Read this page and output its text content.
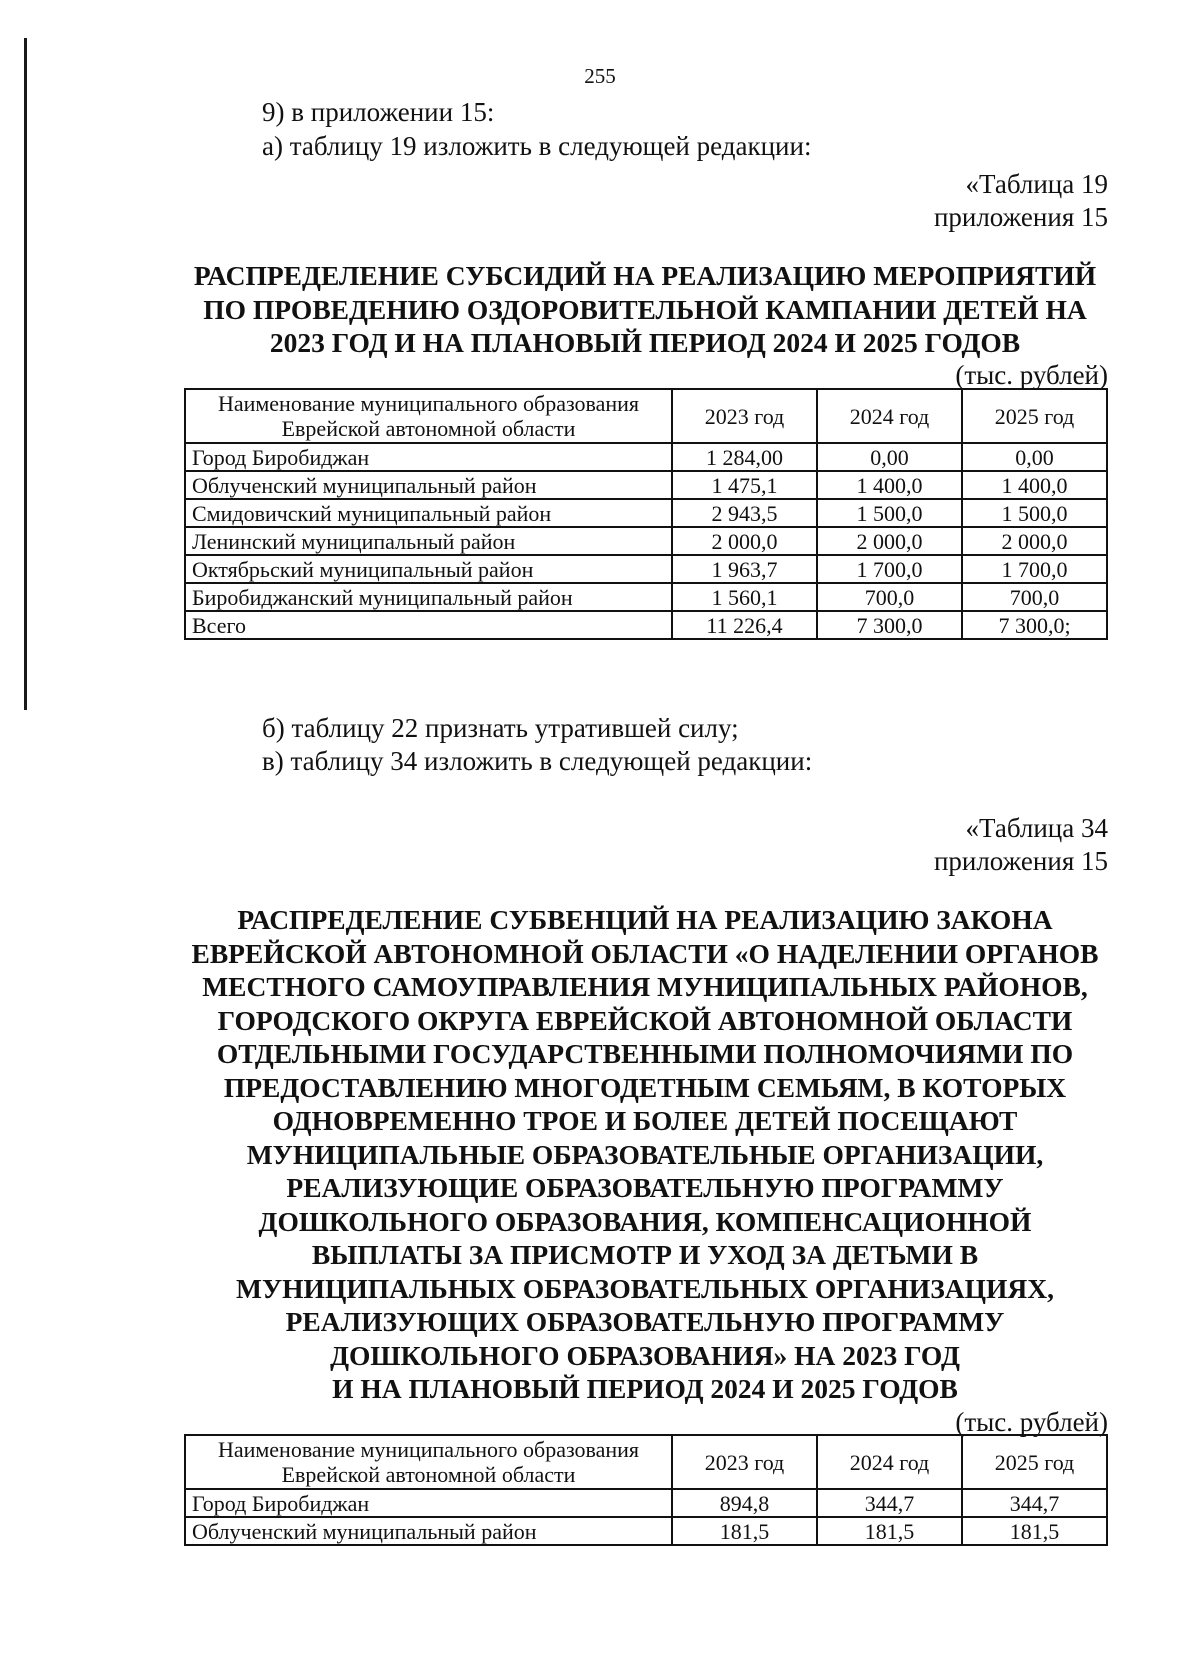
255
9) в приложении 15:
а) таблицу 19 изложить в следующей редакции:
«Таблица 19
приложения 15
РАСПРЕДЕЛЕНИЕ СУБСИДИЙ НА РЕАЛИЗАЦИЮ МЕРОПРИЯТИЙ
ПО ПРОВЕДЕНИЮ ОЗДОРОВИТЕЛЬНОЙ КАМПАНИИ ДЕТЕЙ НА
2023 ГОД И НА ПЛАНОВЫЙ ПЕРИОД 2024 И 2025 ГОДОВ
(тыс. рублей)
Наименование муниципального образования
Еврейской автономной области	2023 год	2024 год	2025 год
Город Биробиджан	1 284,00	0,00	0,00
Облученский муниципальный район	1 475,1	1 400,0	1 400,0
Смидовичский муниципальный район	2 943,5	1 500,0	1 500,0
Ленинский муниципальный район	2 000,0	2 000,0	2 000,0
Октябрьский муниципальный район	1 963,7	1 700,0	1 700,0
Биробиджанский муниципальный район	1 560,1	700,0	700,0
Всего	11 226,4	7 300,0	7 300,0;
б) таблицу 22 признать утратившей силу;
в) таблицу 34 изложить в следующей редакции:
«Таблица 34
приложения 15
РАСПРЕДЕЛЕНИЕ СУБВЕНЦИЙ НА РЕАЛИЗАЦИЮ ЗАКОНА
ЕВРЕЙСКОЙ АВТОНОМНОЙ ОБЛАСТИ «О НАДЕЛЕНИИ ОРГАНОВ
МЕСТНОГО САМОУПРАВЛЕНИЯ МУНИЦИПАЛЬНЫХ РАЙОНОВ,
ГОРОДСКОГО ОКРУГА ЕВРЕЙСКОЙ АВТОНОМНОЙ ОБЛАСТИ
ОТДЕЛЬНЫМИ ГОСУДАРСТВЕННЫМИ ПОЛНОМОЧИЯМИ ПО
ПРЕДОСТАВЛЕНИЮ МНОГОДЕТНЫМ СЕМЬЯМ, В КОТОРЫХ
ОДНОВРЕМЕННО ТРОЕ И БОЛЕЕ ДЕТЕЙ ПОСЕЩАЮТ
МУНИЦИПАЛЬНЫЕ ОБРАЗОВАТЕЛЬНЫЕ ОРГАНИЗАЦИИ,
РЕАЛИЗУЮЩИЕ ОБРАЗОВАТЕЛЬНУЮ ПРОГРАММУ
ДОШКОЛЬНОГО ОБРАЗОВАНИЯ, КОМПЕНСАЦИОННОЙ
ВЫПЛАТЫ ЗА ПРИСМОТР И УХОД ЗА ДЕТЬМИ В
МУНИЦИПАЛЬНЫХ ОБРАЗОВАТЕЛЬНЫХ ОРГАНИЗАЦИЯХ,
РЕАЛИЗУЮЩИХ ОБРАЗОВАТЕЛЬНУЮ ПРОГРАММУ
ДОШКОЛЬНОГО ОБРАЗОВАНИЯ» НА 2023 ГОД
И НА ПЛАНОВЫЙ ПЕРИОД 2024 И 2025 ГОДОВ
(тыс. рублей)
Наименование муниципального образования
Еврейской автономной области	2023 год	2024 год	2025 год
Город Биробиджан	894,8	344,7	344,7
Облученский муниципальный район	181,5	181,5	181,5
